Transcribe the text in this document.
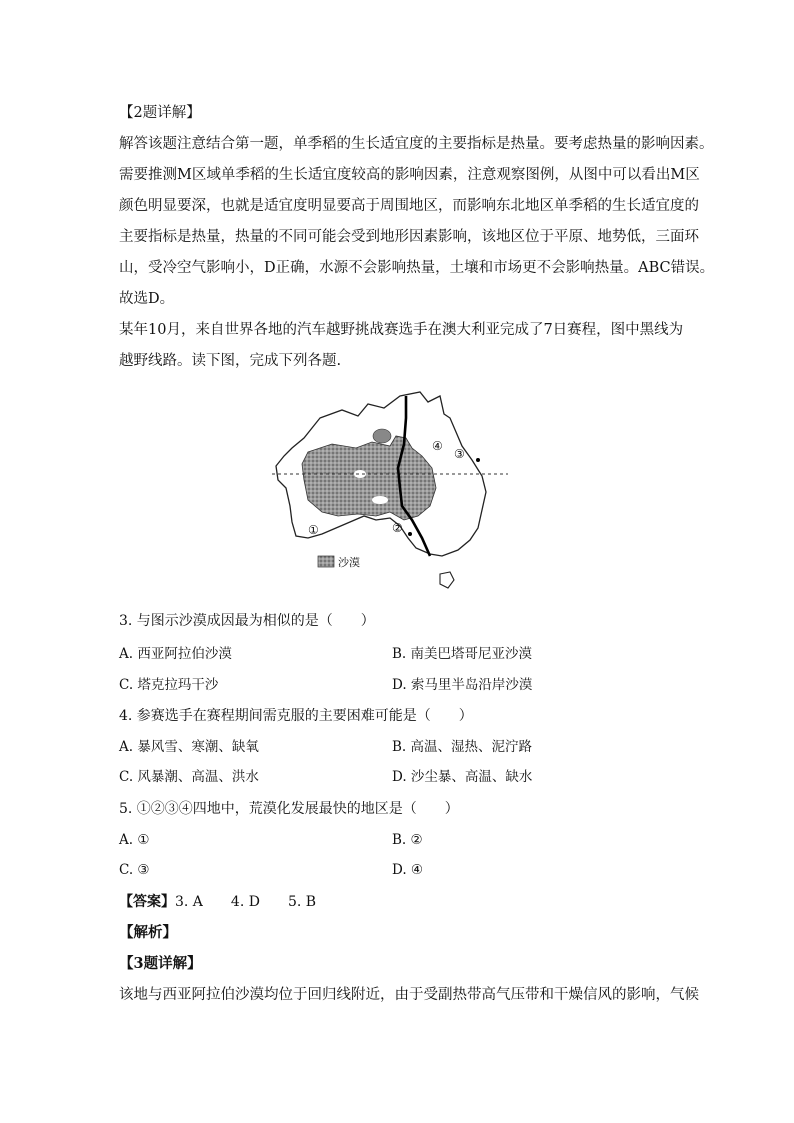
【2题详解】
解答该题注意结合第一题，单季稻的生长适宜度的主要指标是热量。要考虑热量的影响因素。
需要推测M区域单季稻的生长适宜度较高的影响因素，注意观察图例，从图中可以看出M区
颜色明显要深，也就是适宜度明显要高于周围地区，而影响东北地区单季稻的生长适宜度的
主要指标是热量，热量的不同可能会受到地形因素影响，该地区位于平原、地势低，三面环
山，受冷空气影响小，D正确，水源不会影响热量，土壤和市场更不会影响热量。ABC错误。
故选D。
某年10月，来自世界各地的汽车越野挑战赛选手在澳大利亚完成了7日赛程，图中黑线为
越野线路。读下图，完成下列各题.
①	②
③
④
沙漠
3. 与图示沙漠成因最为相似的是（　　）
A. 西亚阿拉伯沙漠	B. 南美巴塔哥尼亚沙漠
C. 塔克拉玛干沙	D. 索马里半岛沿岸沙漠
4. 参赛选手在赛程期间需克服的主要困难可能是（　　）
A. 暴风雪、寒潮、缺氧	B. 高温、湿热、泥泞路
C. 风暴潮、高温、洪水	D. 沙尘暴、高温、缺水
5. ①②③④四地中，荒漠化发展最快的地区是（　　）
A. ①	B. ②
C. ③	D. ④
【答案】3. A　　4. D　　5. B
【解析】
【3题详解】
该地与西亚阿拉伯沙漠均位于回归线附近，由于受副热带高气压带和干燥信风的影响，气候
